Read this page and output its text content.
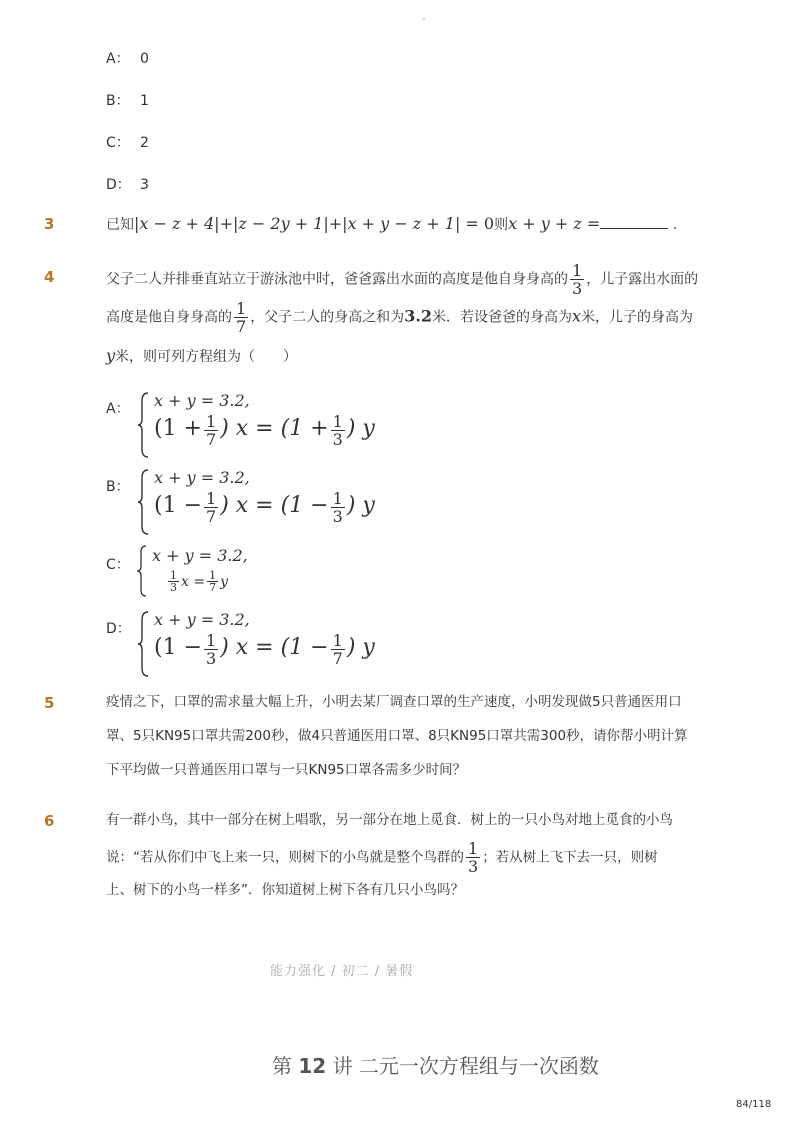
-
A： 0
B： 1
C： 2
D： 3
3	已知|x − z + 4|+|z − 2y + 1|+|x + y − z + 1| = 0则x + y + z =	.
4	父子二人并排垂直站立于游泳池中时，爸爸露出水面的高度是他自身身高的 $\frac{1}{3}$ ，儿子露出水面的
高度是他自身身高的 $\frac{1}{7}$ ，父子二人的身高之和为3.2米．若设爸爸的身高为x米，儿子的身高为
y米，则可列方程组为（　　）
A： x + y = 3.2,
($1 + \frac{1}{7}$ ) $x = (1 + \frac{1}{3}$ ) y
B： x + y = 3.2,
($1 - \frac{1}{7}$ ) $x = (1 - \frac{1}{3}$ ) y
C： x + y = 3.2,
$\frac{1}{3}$ $x = \frac{1}{7}$ y
D： x + y = 3.2,
($1 - \frac{1}{3}$ ) $x = (1 - \frac{1}{7}$ ) y
5	疫情之下，口罩的需求量大幅上升，小明去某厂调查口罩的生产速度，小明发现做5只普通医用口
罩、5只KN95口罩共需200秒，做4只普通医用口罩、8只KN95口罩共需300秒，请你帮小明计算
下平均做一只普通医用口罩与一只KN95口罩各需多少时间？
6	有一群小鸟，其中一部分在树上唱歌，另一部分在地上觅食．树上的一只小鸟对地上觅食的小鸟
说：“若从你们中飞上来一只，则树下的小鸟就是整个鸟群的 $\frac{1}{3}$ ；若从树上飞下去一只，则树
上、树下的小鸟一样多”．你知道树上树下各有几只小鸟吗？
能力强化 / 初二 / 暑假
第 12 讲 二元一次方程组与一次函数
84/118
